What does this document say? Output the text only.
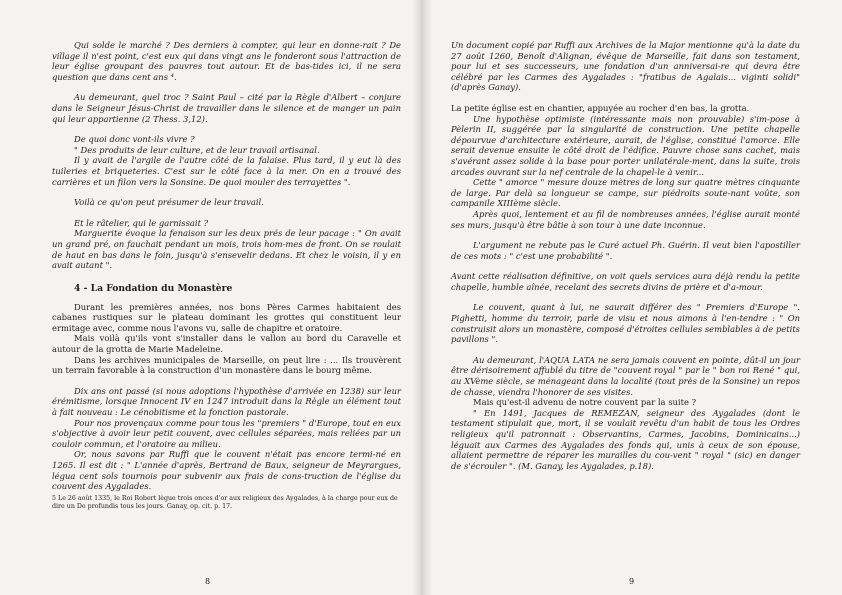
Qui solde le marché ? Des derniers à compter, qui leur en donne-rait ? De village il n'est point, c'est eux qui dans vingt ans le fonderont sous l'attraction de leur église groupant des pauvres tout autour. Et de bas-tides ici, il ne sera question que dans cent ans ⁴.

Au demeurant, quel troc ? Saint Paul – cité par la Règle d'Albert – conjure dans le Seigneur Jésus-Christ de travailler dans le silence et de manger un pain qui leur appartienne (2 Thess. 3,12).

De quoi donc vont-ils vivre ?

" Des produits de leur culture, et de leur travail artisanal.

Il y avait de l'argile de l'autre côté de la falaise. Plus tard, il y eut là des tuileries et briqueteries. C'est sur le côté face à la mer. On en a trouvé des carrières et un filon vers la Sonsine. De quoi mouler des terrayettes ".

Voilà ce qu'on peut présumer de leur travail.

Et le râtelier, qui le garnissait ?

Marguerite évoque la fenaison sur les deux prés de leur pacage : " On avait un grand pré, on fauchait pendant un mois, trois hom-mes de front. On se roulait de haut en bas dans le foin, jusqu'à s'ensevelir dedans. Et chez le voisin, il y en avait autant ".

4 - La Fondation du Monastère

Durant les premières années, nos bons Pères Carmes habitaient des cabanes rustiques sur le plateau dominant les grottes qui constituent leur ermitage avec, comme nous l'avons vu, salle de chapitre et oratoire.

Mais voilà qu'ils vont s'installer dans le vallon au bord du Caravelle et autour de la grotta de Marie Madeleine.

Dans les archives municipales de Marseille, on peut lire : ... Ils trouvèrent un terrain favorable à la construction d'un monastère dans le bourg même.

Dix ans ont passé (si nous adoptions l'hypothèse d'arrivée en 1238) sur leur érémitisme, lorsque Innocent IV en 1247 introduit dans la Règle un élément tout à fait nouveau : Le cénobitisme et la fonction pastorale.

Pour nos provençaux comme pour tous les "premiers " d'Europe, tout en eux s'objective à avoir leur petit couvent, avec cellules séparées, mais reliées par un couloir commun, et l'oratoire au milieu.

Or, nous savons par Ruffi que le couvent n'était pas encore termi-né en 1265. Il est dit : " L'année d'après, Bertrand de Baux, seigneur de Meyrargues, légua cent sols tournois pour subvenir aux frais de cons-truction de l'église du couvent des Aygalades.

5 Le 26 août 1335, le Roi Robert lègue trois onces d'or aux religieux des Aygalades, à la charge pour eux de dire un De profundis tous les jours. Ganay, op. cit. p. 17.

8

Un document copié par Ruffi aux Archives de la Major mentionne qu'à la date du 27 août 1260, Benoît d'Alignan, évêque de Marseille, fait dans son testament, pour lui et ses successeurs, une fondation d'un anniversai-re qui devra être célébré par les Carmes des Aygalades : "fratibus de Agalais... viginti solidi" (d'après Ganay).

La petite église est en chantier, appuyée au rocher d'en bas, la grotta.

Une hypothèse optimiste (intéressante mais non prouvable) s'im-pose à Pèlerin II, suggérée par la singularité de construction. Une petite chapelle dépourvue d'architecture extérieure, aurait, de l'église, constitué l'amorce. Elle serait devenue ensuite le côté droit de l'édifice. Pauvre chose sans cachet, mais s'avérant assez solide à la base pour porter unilatérale-ment, dans la suite, trois arcades ouvrant sur la nef centrale de la chapel-le à venir...

Cette " amorce " mesure douze mètres de long sur quatre mètres cinquante de large. Par delà sa longueur se campe, sur piédroits soute-nant voûte, son campanile XIIIème siècle.

Après quoi, lentement et au fil de nombreuses années, l'église aurait monté ses murs, jusqu'à être bâtie à son tour à une date inconnue.

L'argument ne rebute pas le Curé actuel Ph. Guérin. Il veut bien l'apostiller de ces mots : " c'est une probabilité ".

Avant cette réalisation définitive, on voit quels services aura déjà rendu la petite chapelle, humble aînée, recelant des secrets divins de prière et d'a-mour.

Le couvent, quant à lui, ne saurait différer des " Premiers d'Europe ". Pighetti, homme du terroir, parle de visu et nous aimons à l'en-tendre : " On construisit alors un monastère, composé d'étroites cellules semblables à de petits pavillons ".

Au demeurant, l'AQUA LATA ne sera jamais couvent en pointe, dût-il un jour être dérisoirement affublé du titre de "couvent royal " par le " bon roi René " qui, au XVème siècle, se ménageant dans la localité (tout près de la Sonsine) un repos de chasse, viendra l'honorer de ses visites.

Mais qu'est-il advenu de notre couvent par la suite ?

" En 1491, Jacques de REMEZAN, seigneur des Aygalades (dont le testament stipulait que, mort, il se voulait revêtu d'un habit de tous les Ordres religieux qu'il patronnait : Observantins, Carmes, Jacobins, Dominicains...) léguait aux Carmes des Aygalades des fonds qui, unis à ceux de son épouse, allaient permettre de réparer les murailles du cou-vent " royal " (sic) en danger de s'écrouler ". (M. Ganay, les Aygalades, p.18).

9
